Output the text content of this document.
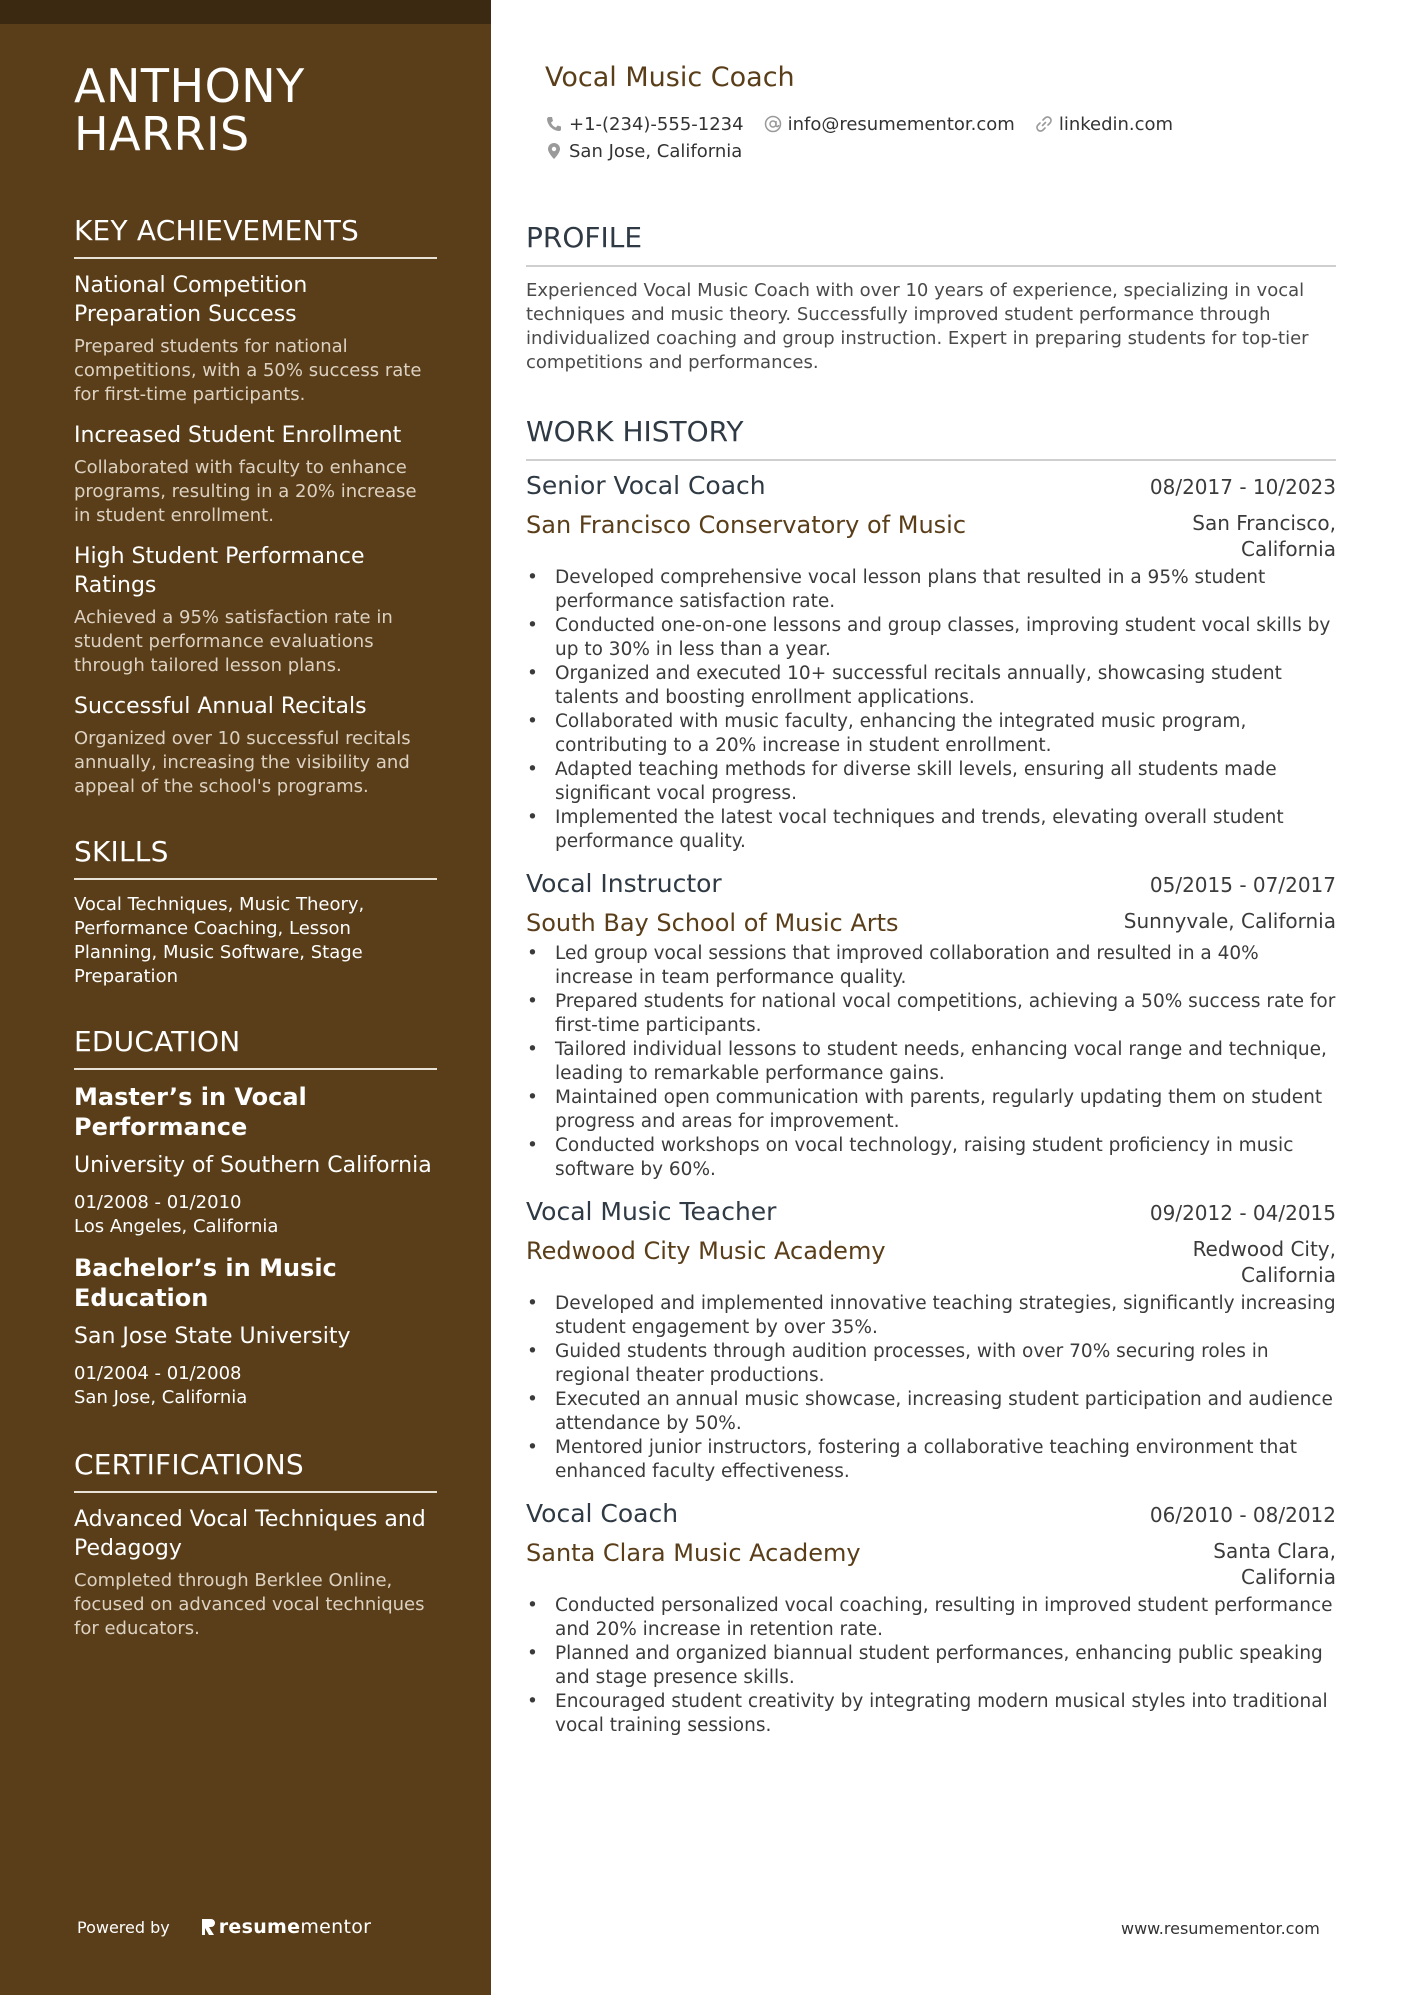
ANTHONY
HARRIS
KEY ACHIEVEMENTS
National Competition Preparation Success
Prepared students for national competitions, with a 50% success rate for first-time participants.
Increased Student Enrollment
Collaborated with faculty to enhance programs, resulting in a 20% increase in student enrollment.
High Student Performance Ratings
Achieved a 95% satisfaction rate in student performance evaluations through tailored lesson plans.
Successful Annual Recitals
Organized over 10 successful recitals annually, increasing the visibility and appeal of the school's programs.
SKILLS
Vocal Techniques, Music Theory, Performance Coaching, Lesson Planning, Music Software, Stage Preparation
EDUCATION
Master’s in Vocal Performance
University of Southern California
01/2008 - 01/2010
Los Angeles, California
Bachelor’s in Music Education
San Jose State University
01/2004 - 01/2008
San Jose, California
CERTIFICATIONS
Advanced Vocal Techniques and Pedagogy
Completed through Berklee Online, focused on advanced vocal techniques for educators.
Powered by	resume mentor
Vocal Music Coach
+1-(234)-555-1234 info@resumementor.com linkedin.com
San Jose, California
PROFILE
Experienced Vocal Music Coach with over 10 years of experience, specializing in vocal techniques and music theory. Successfully improved student performance through individualized coaching and group instruction. Expert in preparing students for top-tier competitions and performances.
WORK HISTORY
Senior Vocal Coach	08/2017 - 10/2023
San Francisco Conservatory of Music	San Francisco, California
• Developed comprehensive vocal lesson plans that resulted in a 95% student performance satisfaction rate.
• Conducted one-on-one lessons and group classes, improving student vocal skills by up to 30% in less than a year.
• Organized and executed 10+ successful recitals annually, showcasing student talents and boosting enrollment applications.
• Collaborated with music faculty, enhancing the integrated music program, contributing to a 20% increase in student enrollment.
• Adapted teaching methods for diverse skill levels, ensuring all students made significant vocal progress.
• Implemented the latest vocal techniques and trends, elevating overall student performance quality.
Vocal Instructor	05/2015 - 07/2017
South Bay School of Music Arts	Sunnyvale, California
• Led group vocal sessions that improved collaboration and resulted in a 40% increase in team performance quality.
• Prepared students for national vocal competitions, achieving a 50% success rate for first-time participants.
• Tailored individual lessons to student needs, enhancing vocal range and technique, leading to remarkable performance gains.
• Maintained open communication with parents, regularly updating them on student progress and areas for improvement.
• Conducted workshops on vocal technology, raising student proficiency in music software by 60%.
Vocal Music Teacher	09/2012 - 04/2015
Redwood City Music Academy	Redwood City, California
• Developed and implemented innovative teaching strategies, significantly increasing student engagement by over 35%.
• Guided students through audition processes, with over 70% securing roles in regional theater productions.
• Executed an annual music showcase, increasing student participation and audience attendance by 50%.
• Mentored junior instructors, fostering a collaborative teaching environment that enhanced faculty effectiveness.
Vocal Coach	06/2010 - 08/2012
Santa Clara Music Academy	Santa Clara, California
• Conducted personalized vocal coaching, resulting in improved student performance and 20% increase in retention rate.
• Planned and organized biannual student performances, enhancing public speaking and stage presence skills.
• Encouraged student creativity by integrating modern musical styles into traditional vocal training sessions.
www.resumementor.com
